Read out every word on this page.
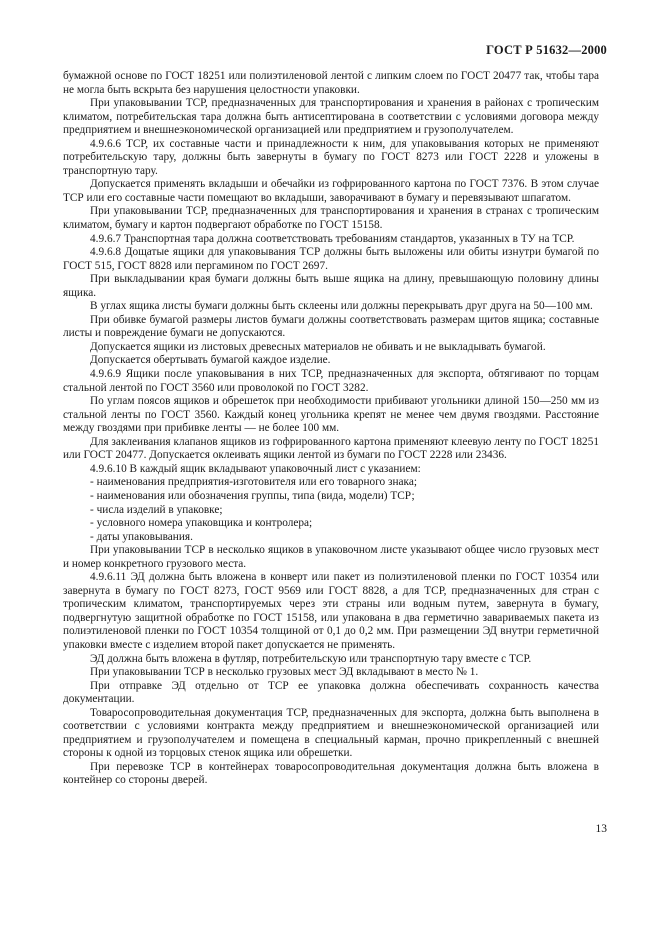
ГОСТ Р 51632—2000

бумажной основе по ГОСТ 18251 или полиэтиленовой лентой с липким слоем по ГОСТ 20477 так, чтобы тара не могла быть вскрыта без нарушения целостности упаковки.

При упаковывании ТСР, предназначенных для транспортирования и хранения в районах с тропическим климатом, потребительская тара должна быть антисептирована в соответствии с условиями договора между предприятием и внешнеэкономической организацией или предприятием и грузополучателем.

4.9.6.6 ТСР, их составные части и принадлежности к ним, для упаковывания которых не применяют потребительскую тару, должны быть завернуты в бумагу по ГОСТ 8273 или ГОСТ 2228 и уложены в транспортную тару.

Допускается применять вкладыши и обечайки из гофрированного картона по ГОСТ 7376. В этом случае ТСР или его составные части помещают во вкладыши, заворачивают в бумагу и перевязывают шпагатом.

При упаковывании ТСР, предназначенных для транспортирования и хранения в странах с тропическим климатом, бумагу и картон подвергают обработке по ГОСТ 15158.

4.9.6.7 Транспортная тара должна соответствовать требованиям стандартов, указанных в ТУ на ТСР.

4.9.6.8 Дощатые ящики для упаковывания ТСР должны быть выложены или обиты изнутри бумагой по ГОСТ 515, ГОСТ 8828 или пергамином по ГОСТ 2697.

При выкладывании края бумаги должны быть выше ящика на длину, превышающую половину длины ящика.

В углах ящика листы бумаги должны быть склеены или должны перекрывать друг друга на 50—100 мм.

При обивке бумагой размеры листов бумаги должны соответствовать размерам щитов ящика; составные листы и повреждение бумаги не допускаются.

Допускается ящики из листовых древесных материалов не обивать и не выкладывать бумагой.

Допускается обертывать бумагой каждое изделие.

4.9.6.9 Ящики после упаковывания в них ТСР, предназначенных для экспорта, обтягивают по торцам стальной лентой по ГОСТ 3560 или проволокой по ГОСТ 3282.

По углам поясов ящиков и обрешеток при необходимости прибивают угольники длиной 150—250 мм из стальной ленты по ГОСТ 3560. Каждый конец угольника крепят не менее чем двумя гвоздями. Расстояние между гвоздями при прибивке ленты — не более 100 мм.

Для заклеивания клапанов ящиков из гофрированного картона применяют клеевую ленту по ГОСТ 18251 или ГОСТ 20477. Допускается оклеивать ящики лентой из бумаги по ГОСТ 2228 или 23436.

4.9.6.10 В каждый ящик вкладывают упаковочный лист с указанием:

- наименования предприятия-изготовителя или его товарного знака;

- наименования или обозначения группы, типа (вида, модели) ТСР;

- числа изделий в упаковке;

- условного номера упаковщика и контролера;

- даты упаковывания.

При упаковывании ТСР в несколько ящиков в упаковочном листе указывают общее число грузовых мест и номер конкретного грузового места.

4.9.6.11 ЭД должна быть вложена в конверт или пакет из полиэтиленовой пленки по ГОСТ 10354 или завернута в бумагу по ГОСТ 8273, ГОСТ 9569 или ГОСТ 8828, а для ТСР, предназначенных для стран с тропическим климатом, транспортируемых через эти страны или водным путем, завернута в бумагу, подвергнутую защитной обработке по ГОСТ 15158, или упакована в два герметично завариваемых пакета из полиэтиленовой пленки по ГОСТ 10354 толщиной от 0,1 до 0,2 мм. При размещении ЭД внутри герметичной упаковки вместе с изделием второй пакет допускается не применять.

ЭД должна быть вложена в футляр, потребительскую или транспортную тару вместе с ТСР.

При упаковывании ТСР в несколько грузовых мест ЭД вкладывают в место № 1.

При отправке ЭД отдельно от ТСР ее упаковка должна обеспечивать сохранность качества документации.

Товаросопроводительная документация ТСР, предназначенных для экспорта, должна быть выполнена в соответствии с условиями контракта между предприятием и внешнеэкономической организацией или предприятием и грузополучателем и помещена в специальный карман, прочно прикрепленный с внешней стороны к одной из торцовых стенок ящика или обрешетки.

При перевозке ТСР в контейнерах товаросопроводительная документация должна быть вложена в контейнер со стороны дверей.

13
